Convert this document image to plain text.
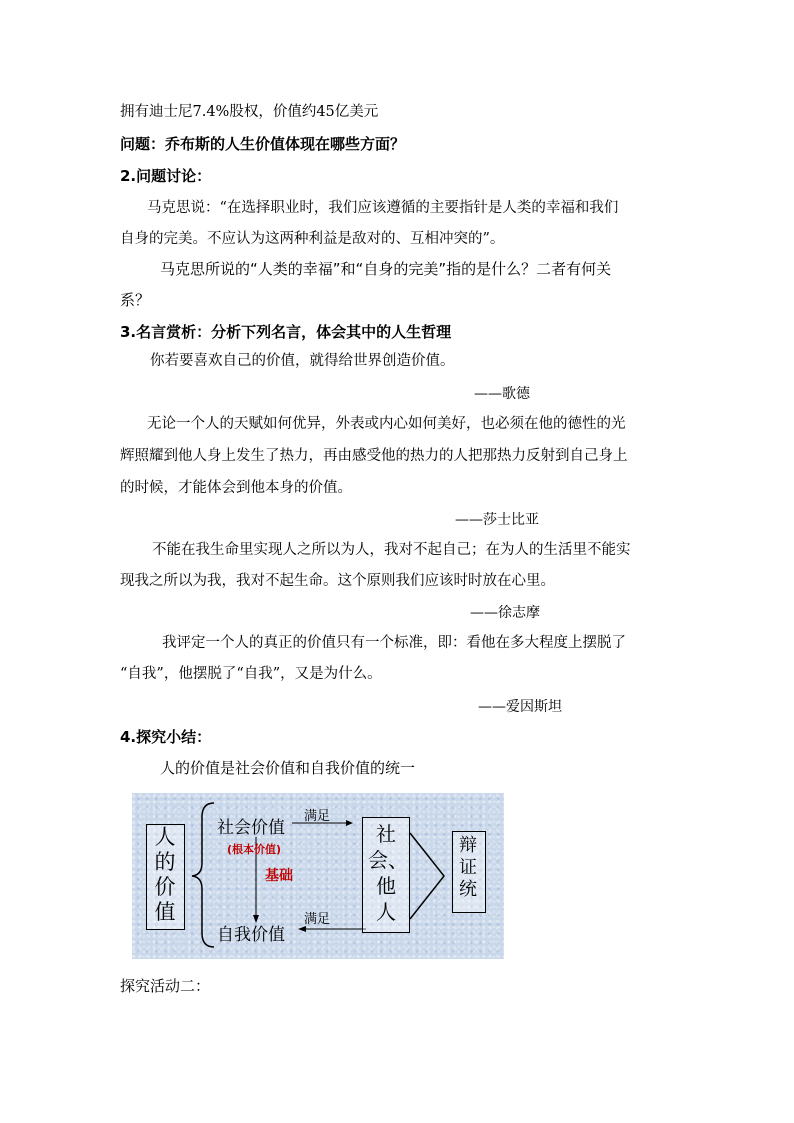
拥有迪士尼7.4%股权，价值约45亿美元
问题：乔布斯的人生价值体现在哪些方面？
2.问题讨论：
马克思说：“在选择职业时，我们应该遵循的主要指针是人类的幸福和我们
自身的完美。不应认为这两种利益是敌对的、互相冲突的”。
马克思所说的“人类的幸福”和“自身的完美”指的是什么？二者有何关
系？
3.名言赏析：分析下列名言，体会其中的人生哲理
你若要喜欢自己的价值，就得给世界创造价值。
——歌德
无论一个人的天赋如何优异，外表或内心如何美好，也必须在他的德性的光
辉照耀到他人身上发生了热力，再由感受他的热力的人把那热力反射到自己身上
的时候，才能体会到他本身的价值。
——莎士比亚
不能在我生命里实现人之所以为人，我对不起自己；在为人的生活里不能实
现我之所以为我，我对不起生命。这个原则我们应该时时放在心里。
——徐志摩
我评定一个人的真正的价值只有一个标准，即：看他在多大程度上摆脱了
“自我”，他摆脱了“自我”，又是为什么。
——爱因斯坦
4.探究小结：
人的价值是社会价值和自我价值的统一
人的价值
社会价值
(根本价值)
基础
自我价值
满足
满足
社会、他人
辩证统
探究活动二：
